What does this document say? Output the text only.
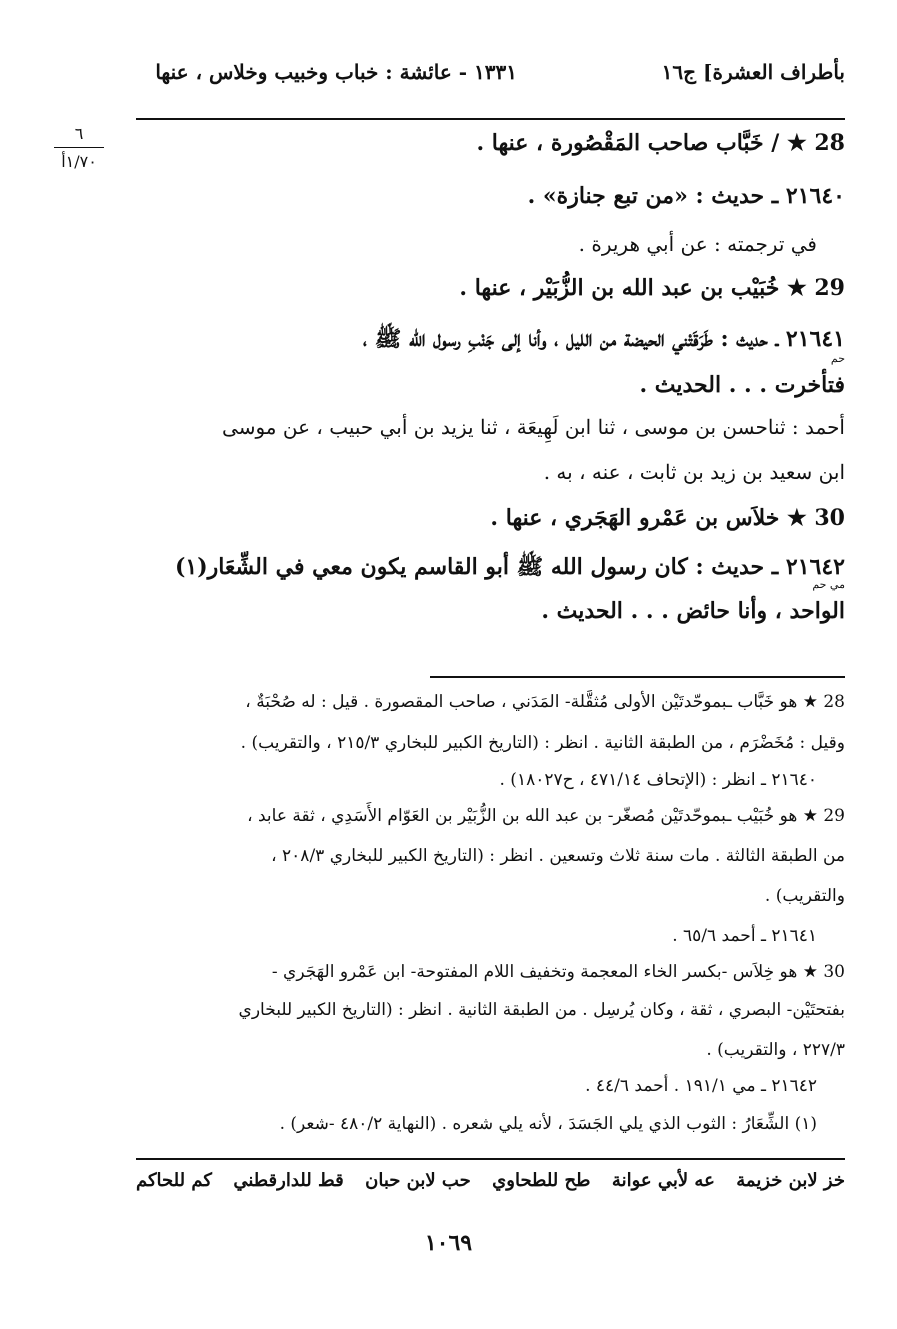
بأطراف العشرة] ج١٦
١٣٣١ - عائشة : خباب وخبيب وخلاس ، عنها
٦
١/٧٠أ
28 ★ / خَبَّاب صاحب المَقْصُورة ، عنها .
٢١٦٤٠ ـ حديث : «من تبع جنازة» .
في ترجمته : عن أبي هريرة .
29 ★ خُبَيْب بن عبد الله بن الزُّبَيْر ، عنها .
٢١٦٤١ ـ حديث : طَرَقَتْني الحيضة من الليل ، وأنا إلى جَنْبِ رسول الله ﷺ ،
حم
فتأخرت . . . الحديث .
أحمد : ثناحسن بن موسى ، ثنا ابن لَهِيعَة ، ثنا يزيد بن أبي حبيب ، عن موسى
ابن سعيد بن زيد بن ثابت ، عنه ، به .
30 ★ خلاَس بن عَمْرو الهَجَري ، عنها .
٢١٦٤٢ ـ حديث : كان رسول الله ﷺ أبو القاسم يكون معي في الشِّعَار(١)
مي حم
الواحد ، وأنا حائض . . . الحديث .
28 ★ هو خَبَّاب ـبموحّدتَيْن الأولى مُثقَّلة- المَدَني ، صاحب المقصورة . قيل : له صُحْبَةٌ ،
وقيل : مُخَضْرَم ، من الطبقة الثانية . انظر : (التاريخ الكبير للبخاري ٢١٥/٣ ، والتقريب) .
٢١٦٤٠ ـ انظر : (الإتحاف ٤٧١/١٤ ، ح١٨٠٢٧) .
29 ★ هو خُبَيْب ـبموحّدتَيْن مُصغّر- بن عبد الله بن الزُّبَيْر بن العَوّام الأَسَدِي ، ثقة عابد ،
من الطبقة الثالثة . مات سنة ثلاث وتسعين . انظر : (التاريخ الكبير للبخاري ٢٠٨/٣ ،
والتقريب) .
٢١٦٤١ ـ أحمد ٦٥/٦ .
30 ★ هو خِلاَس -بكسر الخاء المعجمة وتخفيف اللام المفتوحة- ابن عَمْرو الهَجَري -
بفتحتَيْن- البصري ، ثقة ، وكان يُرسِل . من الطبقة الثانية . انظر : (التاريخ الكبير للبخاري
٢٢٧/٣ ، والتقريب) .
٢١٦٤٢ ـ مي ١٩١/١ . أحمد ٤٤/٦ .
(١) الشِّعَارُ : الثوب الذي يلي الجَسَدَ ، لأنه يلي شعره . (النهاية ٤٨٠/٢ -شعر) .
خز لابن خزيمة
عه لأبي عوانة
طح للطحاوي
حب لابن حبان
قط للدارقطني
كم للحاكم
١٠٦٩
